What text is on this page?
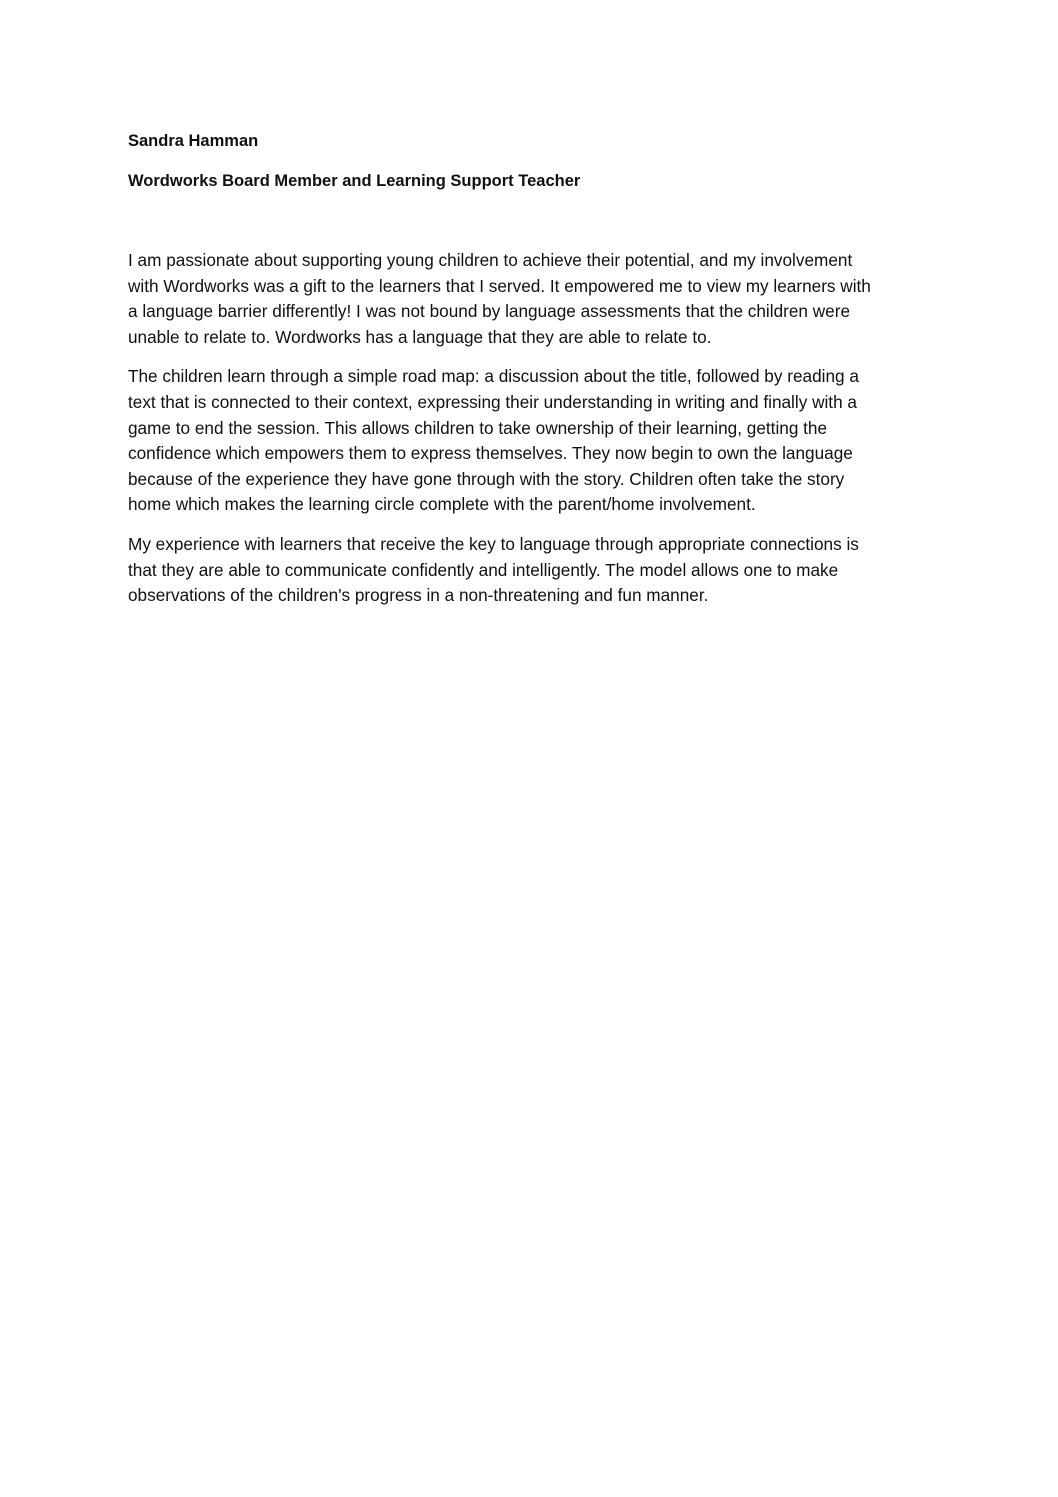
Sandra Hamman
Wordworks Board Member and Learning Support Teacher
I am passionate about supporting young children to achieve their potential, and my involvement
with Wordworks was a gift to the learners that I served. It empowered me to view my learners with
a language barrier differently! I was not bound by language assessments that the children were
unable to relate to. Wordworks has a language that they are able to relate to.
The children learn through a simple road map: a discussion about the title, followed by reading a
text that is connected to their context, expressing their understanding in writing and finally with a
game to end the session. This allows children to take ownership of their learning, getting the
confidence which empowers them to express themselves. They now begin to own the language
because of the experience they have gone through with the story. Children often take the story
home which makes the learning circle complete with the parent/home involvement.
My experience with learners that receive the key to language through appropriate connections is
that they are able to communicate confidently and intelligently. The model allows one to make
observations of the children's progress in a non-threatening and fun manner.
